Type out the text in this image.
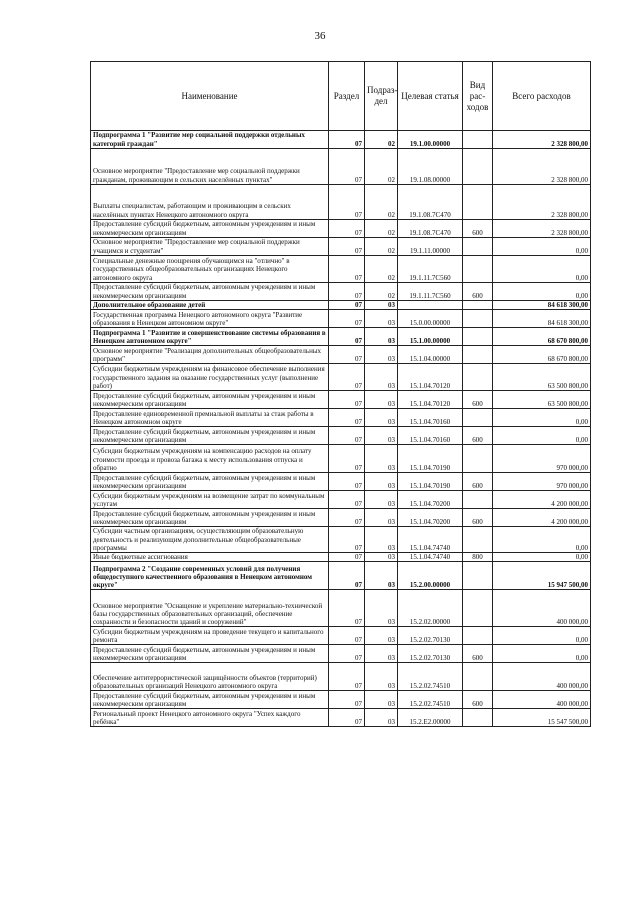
36
Наименование	Раздел	Подраз-дел	Целевая статья	Вид рас-ходов	Всего расходов
Подпрограмма 1 "Развитие мер социальной поддержки отдельных категорий граждан"	07	02	19.1.00.00000		2 328 800,00
Основное мероприятие "Предоставление мер социальной поддержки гражданам, проживающим в сельских населённых пунктах"	07	02	19.1.08.00000		2 328 800,00
Выплаты специалистам, работающим и проживающим в сельских населённых пунктах Ненецкого автономного округа	07	02	19.1.08.7С470		2 328 800,00
Предоставление субсидий бюджетным, автономным учреждениям и иным некоммерческим организациям	07	02	19.1.08.7С470	600	2 328 800,00
Основное мероприятие "Предоставление мер социальной поддержки учащимся и студентам"	07	02	19.1.11.00000		0,00
Специальные денежные поощрения обучающимся на "отлично" в государственных общеобразовательных организациях Ненецкого автономного округа	07	02	19.1.11.7С560		0,00
Предоставление субсидий бюджетным, автономным учреждениям и иным некоммерческим организациям	07	02	19.1.11.7С560	600	0,00
Дополнительное образование детей	07	03			84 618 300,00
Государственная программа Ненецкого автономного округа "Развитие образования в Ненецком автономном округе"	07	03	15.0.00.00000		84 618 300,00
Подпрограмма 1 "Развитие и совершенствование системы образования в Ненецком автономном округе"	07	03	15.1.00.00000		68 670 800,00
Основное мероприятие "Реализация дополнительных общеобразовательных программ"	07	03	15.1.04.00000		68 670 800,00
Субсидии бюджетным учреждениям на финансовое обеспечение выполнения государственного задания на оказание государственных услуг (выполнение работ)	07	03	15.1.04.70120		63 500 800,00
Предоставление субсидий бюджетным, автономным учреждениям и иным некоммерческим организациям	07	03	15.1.04.70120	600	63 500 800,00
Предоставление единовременной премиальной выплаты за стаж работы в Ненецком автономном округе	07	03	15.1.04.70160		0,00
Предоставление субсидий бюджетным, автономным учреждениям и иным некоммерческим организациям	07	03	15.1.04.70160	600	0,00
Субсидии бюджетным учреждениям на компенсацию расходов на оплату стоимости проезда и провоза багажа к месту использования отпуска и обратно	07	03	15.1.04.70190		970 000,00
Предоставление субсидий бюджетным, автономным учреждениям и иным некоммерческим организациям	07	03	15.1.04.70190	600	970 000,00
Субсидии бюджетным учреждениям на возмещение затрат по коммунальным услугам	07	03	15.1.04.70200		4 200 000,00
Предоставление субсидий бюджетным, автономным учреждениям и иным некоммерческим организациям	07	03	15.1.04.70200	600	4 200 000,00
Субсидии частным организациям, осуществляющим образовательную деятельность и реализующим дополнительные общеобразовательные программы	07	03	15.1.04.74740		0,00
Иные бюджетные ассигнования	07	03	15.1.04.74740	800	0,00
Подпрограмма 2 "Создание современных условий для получения общедоступного качественного образования в Ненецком автономном округе"	07	03	15.2.00.00000		15 947 500,00
Основное мероприятие "Оснащение и укрепление материально-технической базы государственных образовательных организаций, обеспечение сохранности и безопасности зданий и сооружений"	07	03	15.2.02.00000		400 000,00
Субсидии бюджетным учреждениям на проведение текущего и капитального ремонта	07	03	15.2.02.70130		0,00
Предоставление субсидий бюджетным, автономным учреждениям и иным некоммерческим организациям	07	03	15.2.02.70130	600	0,00
Обеспечение антитеррористической защищённости объектов (территорий) образовательных организаций Ненецкого автономного округа	07	03	15.2.02.74510		400 000,00
Предоставление субсидий бюджетным, автономным учреждениям и иным некоммерческим организациям	07	03	15.2.02.74510	600	400 000,00
Региональный проект Ненецкого автономного округа "Успех каждого ребёнка"	07	03	15.2.Е2.00000		15 547 500,00
